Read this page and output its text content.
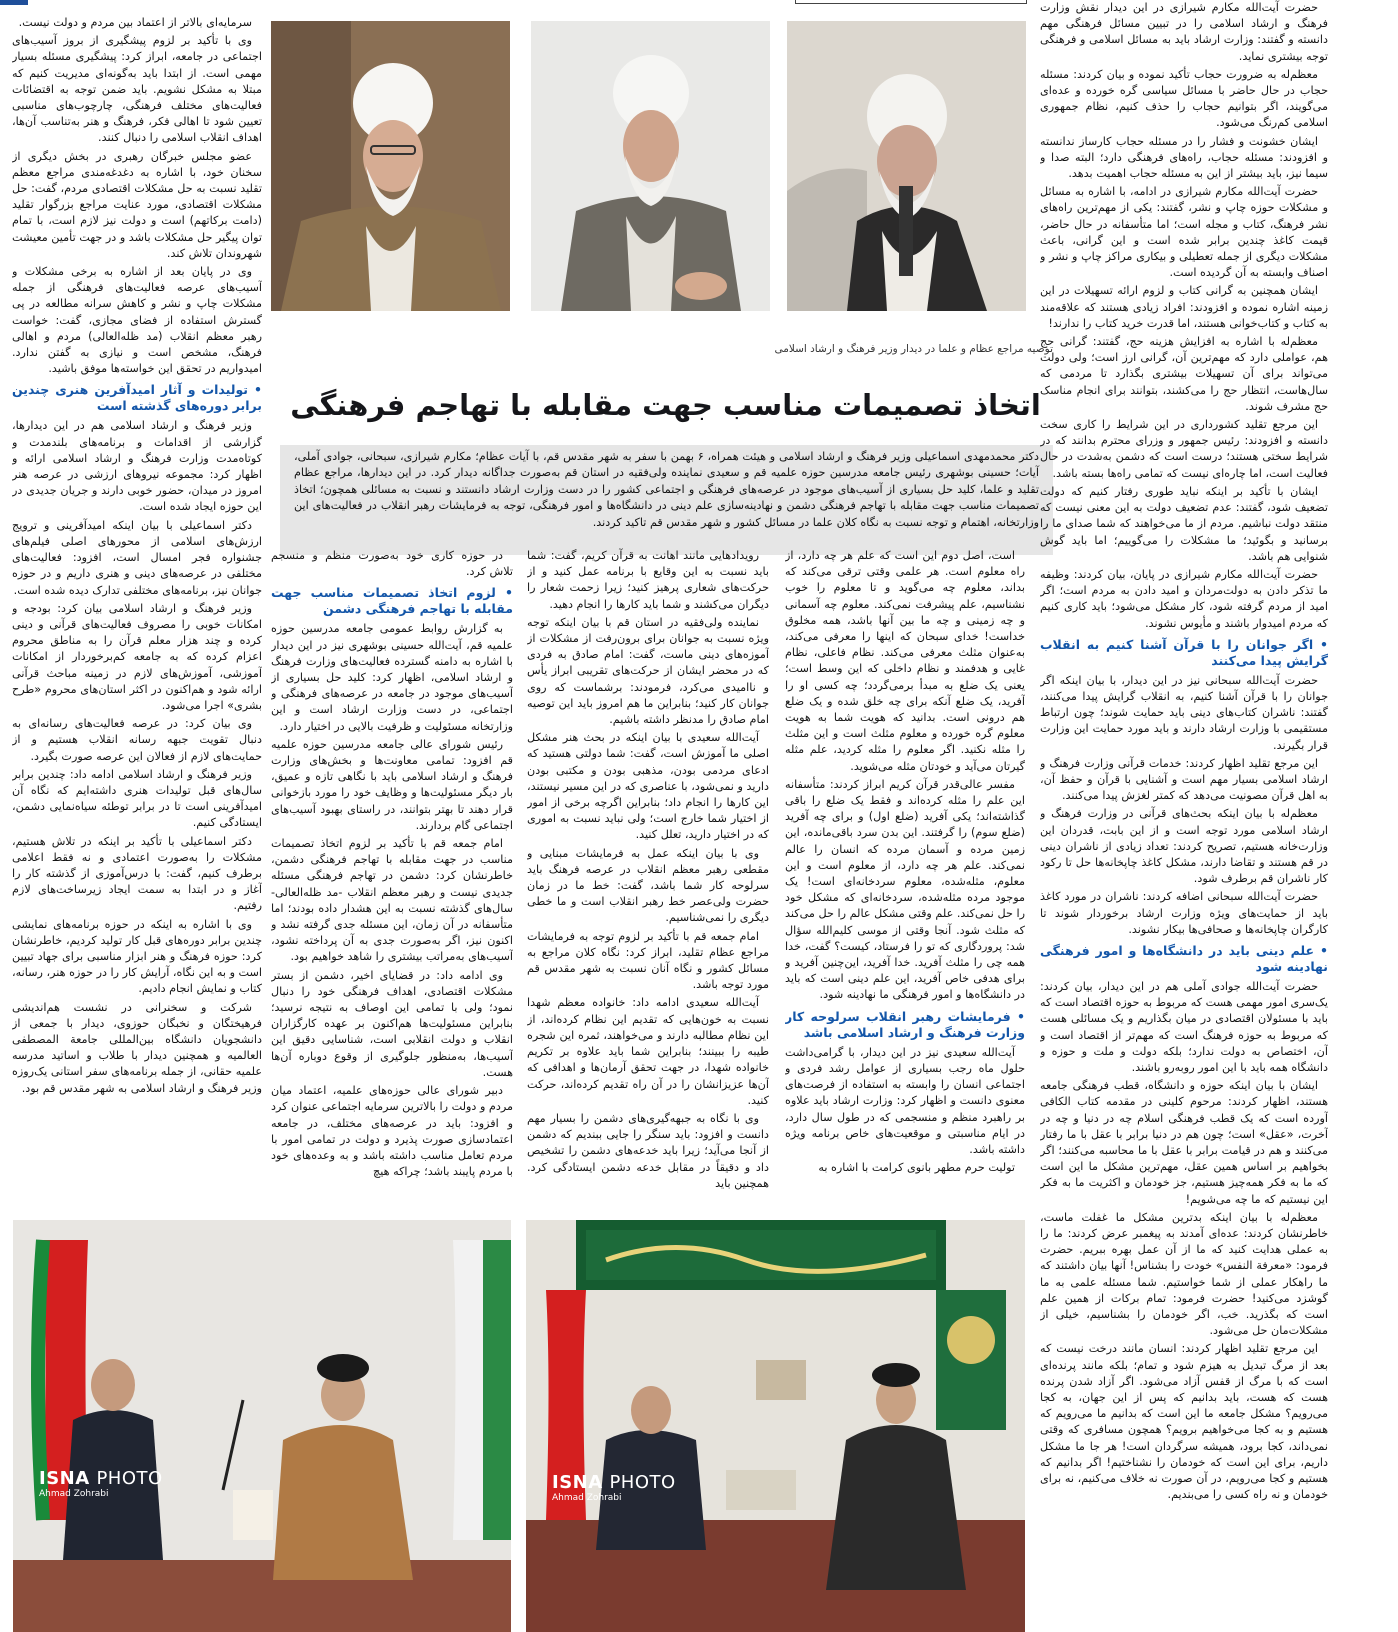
توصیه مراجع عظام و علما در دیدار وزیر فرهنگ و ارشاد اسلامی
اتخاذ تصمیمات مناسب جهت مقابله با تهاجم فرهنگی
دکتر محمدمهدی اسماعیلی وزیر فرهنگ و ارشاد اسلامی و هیئت همراه، ۶ بهمن با سفر به شهر مقدس قم، با آیات عظام؛ مکارم شیرازی، سبحانی، جوادی آملی، آیات؛ حسینی بوشهری رئیس جامعه مدرسین حوزه علمیه قم و سعیدی نماینده ولی‌فقیه در استان قم به‌صورت جداگانه دیدار کرد. در این دیدارها، مراجع عظام تقلید و علما، کلید حل بسیاری از آسیب‌های موجود در عرصه‌های فرهنگی و اجتماعی کشور را در دست وزارت ارشاد دانستند و نسبت به مسائلی همچون؛ اتخاذ تصمیمات مناسب جهت مقابله با تهاجم فرهنگی دشمن و نهادینه‌سازی علم دینی در دانشگاه‌ها و امور فرهنگی، توجه به فرمایشات رهبر انقلاب در فعالیت‌های این وزارتخانه، اهتمام و توجه نسبت به نگاه کلان علما در مسائل کشور و شهر مقدس قم تاکید کردند.

حضرت آیت‌الله مکارم شیرازی در این دیدار نقش وزارت فرهنگ و ارشاد اسلامی را در تبیین مسائل فرهنگی مهم دانسته و گفتند: وزارت ارشاد باید به مسائل اسلامی و فرهنگی توجه بیشتری نماید.

معظم‌له به ضرورت حجاب تأکید نموده و بیان کردند: مسئله حجاب در حال حاضر با مسائل سیاسی گره خورده و عده‌ای می‌گویند، اگر بتوانیم حجاب را حذف کنیم، نظام جمهوری اسلامی کم‌رنگ می‌شود.

ایشان خشونت و فشار را در مسئله حجاب کارساز ندانسته و افزودند: مسئله حجاب، راه‌های فرهنگی دارد؛ البته صدا و سیما نیز، باید بیشتر از این به مسئله حجاب اهمیت بدهد.

حضرت آیت‌الله مکارم شیرازی در ادامه، با اشاره به مسائل و مشکلات حوزه چاپ و نشر، گفتند: یکی از مهم‌ترین راه‌های نشر فرهنگ، کتاب و مجله است؛ اما متأسفانه در حال حاضر، قیمت کاغذ چندین برابر شده است و این گرانی، باعث مشکلات دیگری از جمله تعطیلی و بیکاری مراکز چاپ و نشر و اصناف وابسته به آن گردیده است.

ایشان همچنین به گرانی کتاب و لزوم ارائه تسهیلات در این زمینه اشاره نموده و افزودند: افراد زیادی هستند که علاقه‌مند به کتاب و کتاب‌خوانی هستند، اما قدرت خرید کتاب را ندارند!

معظم‌له با اشاره به افزایش هزینه حج، گفتند: گرانی حج هم، عواملی دارد که مهم‌ترین آن، گرانی ارز است؛ ولی دولت می‌تواند برای آن تسهیلات بیشتری بگذارد تا مردمی که سال‌هاست، انتظار حج را می‌کشند، بتوانند برای انجام مناسک حج مشرف شوند.

این مرجع تقلید کشورداری در این شرایط را کاری سخت دانسته و افزودند: رئیس جمهور و وزرای محترم بدانند که در شرایط سختی هستند؛ درست است که دشمن به‌شدت در حال فعالیت است، اما چاره‌ای نیست که تمامی راه‌ها بسته باشد.

ایشان با تأکید بر اینکه نباید طوری رفتار کنیم که دولت تضعیف شود، گفتند: عدم تضعیف دولت به این معنی نیست که منتقد دولت نباشیم. مردم از ما می‌خواهند که شما صدای ما را برسانید و بگوئید؛ ما مشکلات را می‌گوییم؛ اما باید گوش شنوایی هم باشد.

حضرت آیت‌الله مکارم شیرازی در پایان، بیان کردند: وظیفه ما تذکر دادن به دولت‌مردان و امید دادن به مردم است؛ اگر امید از مردم گرفته شود، کار مشکل می‌شود؛ باید کاری کنیم که مردم امیدوار باشند و مأیوس نشوند.

• اگر جوانان را با قرآن آشنا کنیم به انقلاب گرایش پیدا می‌کنند

حضرت آیت‌الله سبحانی نیز در این دیدار، با بیان اینکه اگر جوانان را با قرآن آشنا کنیم، به انقلاب گرایش پیدا می‌کنند، گفتند: ناشران کتاب‌های دینی باید حمایت شوند؛ چون ارتباط مستقیمی با وزارت ارشاد دارند و باید مورد حمایت این وزارت قرار بگیرند.

این مرجع تقلید اظهار کردند: خدمات قرآنی وزارت فرهنگ و ارشاد اسلامی بسیار مهم است و آشنایی با قرآن و حفظ آن، به اهل قرآن مصونیت می‌دهد که کمتر لغزش پیدا می‌کنند.

معظم‌له با بیان اینکه بحث‌های قرآنی در وزارت فرهنگ و ارشاد اسلامی مورد توجه است و از این بابت، قدردان این وزارت‌خانه هستیم، تصریح کردند: تعداد زیادی از ناشران دینی در قم هستند و تقاضا دارند، مشکل کاغذ چاپخانه‌ها حل تا رکود کار ناشران قم برطرف شود.

حضرت آیت‌الله سبحانی اضافه کردند: ناشران در مورد کاغذ باید از حمایت‌های ویژه وزارت ارشاد برخوردار شوند تا کارگران چاپخانه‌ها و صحافی‌ها بیکار نشوند.

• علم دینی باید در دانشگاه‌ها و امور فرهنگی نهادینه شود

حضرت آیت‌الله جوادی آملی هم در این دیدار، بیان کردند: یک‌سری امور مهمی هست که مربوط به حوزه اقتصاد است که باید با مسئولان اقتصادی در میان بگذاریم و یک مسائلی هست که مربوط به حوزه فرهنگ است که مهم‌تر از اقتصاد است و آن، اختصاص به دولت ندارد؛ بلکه دولت و ملت و حوزه و دانشگاه همه باید با این امور روبه‌رو باشند.

ایشان با بیان اینکه حوزه و دانشگاه، قطب فرهنگی جامعه هستند، اظهار کردند: مرحوم کلینی در مقدمه کتاب الکافی آورده است که یک قطب فرهنگی اسلام چه در دنیا و چه در آخرت، «عقل» است؛ چون هم در دنیا برابر با عقل با ما رفتار می‌کنند و هم در قیامت برابر با عقل با ما محاسبه می‌کنند؛ اگر بخواهیم بر اساس همین عقل، مهم‌ترین مشکل ما این است که ما به فکر همه‌چیز هستیم، جز خودمان و اکثریت ما به فکر این نیستیم که ما چه می‌شویم!

معظم‌له با بیان اینکه بدترین مشکل ما غفلت ماست، خاطرنشان کردند: عده‌ای آمدند به پیغمبر عرض کردند: ما را به عملی هدایت کنید که ما از آن عمل بهره ببریم. حضرت فرمود: «معرفة النفس» خودت را بشناس! آنها بیان داشتند که ما راهکار عملی از شما خواستیم. شما مسئله علمی به ما گوشزد می‌کنید! حضرت فرمود: تمام برکات از همین علم است که بگذرید. خب، اگر خودمان را بشناسیم، خیلی از مشکلات‌مان حل می‌شود.

این مرجع تقلید اظهار کردند: انسان مانند درخت نیست که بعد از مرگ تبدیل به هیزم شود و تمام؛ بلکه مانند پرنده‌ای است که با مرگ از قفس آزاد می‌شود. اگر آزاد شدن پرنده هست که هست، باید بدانیم که پس از این جهان، به کجا می‌رویم؟ مشکل جامعه ما این است که بدانیم ما می‌رویم که هستیم و به کجا می‌خواهیم برویم؟ همچون مسافری که وقتی نمی‌داند، کجا برود، همیشه سرگردان است! هر جا ما مشکل داریم، برای این است که خودمان را نشناختیم! اگر بدانیم که هستیم و کجا می‌رویم، در آن صورت نه خلاف می‌کنیم، نه برای خودمان و نه راه کسی را می‌بندیم.

است، اصل دوم این است که علم هر چه دارد، از راه معلوم است. هر علمی وقتی ترقی می‌کند که بداند، معلوم چه می‌گوید و تا معلوم را خوب نشناسیم، علم پیشرفت نمی‌کند. معلوم چه آسمانی و چه زمینی و چه ما بین آنها باشد، همه مخلوق خداست! خدای سبحان که اینها را معرفی می‌کند، به‌عنوان مثلث معرفی می‌کند. نظام فاعلی، نظام غایی و هدفمند و نظام داخلی که این وسط است؛ یعنی یک ضلع به مبدأ برمی‌گردد؛ چه کسی او را آفرید، یک ضلع آنکه برای چه خلق شده و یک ضلع هم درونی است. بدانید که هویت شما به هویت معلوم گره خورده و معلوم مثلث است و این مثلث را مثله نکنید. اگر معلوم را مثله کردید، علم مثله گیرتان می‌آید و خودتان مثله می‌شوید.

مفسر عالی‌قدر قرآن کریم ابراز کردند: متأسفانه این علم را مثله کرده‌اند و فقط یک ضلع را باقی گذاشته‌اند؛ یکی آفرید (ضلع اول) و برای چه آفرید (ضلع سوم) را گرفتند. این بدن سرد باقی‌مانده، این زمین مرده و آسمان مرده که انسان را عالم نمی‌کند. علم هر چه دارد، از معلوم است و این معلوم، مثله‌شده، معلوم سردخانه‌ای است! یک موجود مرده مثله‌شده، سردخانه‌ای که مشکل خود را حل نمی‌کند. علم وقتی مشکل عالم را حل می‌کند که مثلث شود. آنجا وقتی از موسی کلیم‌الله سؤال شد: پروردگاری که تو را فرستاد، کیست؟ گفت، خدا همه چی را مثلث آفرید. خدا آفرید، این‌چنین آفرید و برای هدفی خاص آفرید، این علم دینی است که باید در دانشگاه‌ها و امور فرهنگی ما نهادینه شود.

• فرمایشات رهبر انقلاب سرلوحه کار وزارت فرهنگ و ارشاد اسلامی باشد

آیت‌الله سعیدی نیز در این دیدار، با گرامی‌داشت حلول ماه رجب بسیاری از عوامل رشد فردی و اجتماعی انسان را وابسته به استفاده از فرصت‌های معنوی دانست و اظهار کرد: وزارت ارشاد باید علاوه بر راهبرد منظم و منسجمی که در طول سال دارد، در ایام مناسبتی و موقعیت‌های خاص برنامه ویژه داشته باشد.

تولیت حرم مطهر بانوی کرامت با اشاره به

رویدادهایی مانند اهانت به قرآن کریم، گفت: شما باید نسبت به این وقایع با برنامه عمل کنید و از حرکت‌های شعاری پرهیز کنید؛ زیرا زحمت شعار را دیگران می‌کشند و شما باید کارها را انجام دهید.

نماینده ولی‌فقیه در استان قم با بیان اینکه توجه ویژه نسبت به جوانان برای برون‌رفت از مشکلات از آموزه‌های دینی ماست، گفت: امام صادق به فردی که در محضر ایشان از حرکت‌های تقریبی ابراز یأس و ناامیدی می‌کرد، فرمودند: برشماست که روی جوانان کار کنید؛ بنابراین ما هم امروز باید این توصیه امام صادق را مدنظر داشته باشیم.

آیت‌الله سعیدی با بیان اینکه در بحث هنر مشکل اصلی ما آموزش است، گفت: شما دولتی هستید که ادعای مردمی بودن، مذهبی بودن و مکتبی بودن دارید و نمی‌شود، با عناصری که در این مسیر نیستند، این کارها را انجام داد؛ بنابراین اگرچه برخی از امور از اختیار شما خارج است؛ ولی نباید نسبت به اموری که در اختیار دارید، تعلل کنید.

وی با بیان اینکه عمل به فرمایشات مبنایی و مقطعی رهبر معظم انقلاب در عرصه فرهنگ باید سرلوحه کار شما باشد، گفت: خط ما در زمان حضرت ولی‌عصر خط رهبر انقلاب است و ما خطی دیگری را نمی‌شناسیم.

امام جمعه قم با تأکید بر لزوم توجه به فرمایشات مراجع عظام تقلید، ابراز کرد: نگاه کلان مراجع به مسائل کشور و نگاه آنان نسبت به شهر مقدس قم مورد توجه باشد.

آیت‌الله سعیدی ادامه داد: خانواده معظم شهدا نسبت به خون‌هایی که تقدیم این نظام کرده‌اند، از این نظام مطالبه دارند و می‌خواهند، ثمره این شجره طیبه را ببینند؛ بنابراین شما باید علاوه بر تکریم خانواده شهدا، در جهت تحقق آرمان‌ها و اهدافی که آن‌ها عزیزانشان را در آن راه تقدیم کرده‌اند، حرکت کنید.

وی با نگاه به جبهه‌گیری‌های دشمن را بسیار مهم دانست و افزود: باید سنگر را جایی ببندیم که دشمن از آنجا می‌آید؛ زیرا باید خدعه‌های دشمن را تشخیص داد و دقیقاً در مقابل خدعه دشمن ایستادگی کرد. همچنین باید

در حوزه کاری خود به‌صورت منظم و منسجم تلاش کرد.

• لزوم اتخاذ تصمیمات مناسب جهت مقابله با تهاجم فرهنگی دشمن

به گزارش روابط عمومی جامعه مدرسین حوزه علمیه قم، آیت‌الله حسینی بوشهری نیز در این دیدار با اشاره به دامنه گسترده فعالیت‌های وزارت فرهنگ و ارشاد اسلامی، اظهار کرد: کلید حل بسیاری از آسیب‌های موجود در جامعه در عرصه‌های فرهنگی و اجتماعی، در دست وزارت ارشاد است و این وزارتخانه مسئولیت و ظرفیت بالایی در اختیار دارد.

رئیس شورای عالی جامعه مدرسین حوزه علمیه قم افزود: تمامی معاونت‌ها و بخش‌های وزارت فرهنگ و ارشاد اسلامی باید با نگاهی تازه و عمیق، بار دیگر مسئولیت‌ها و وظایف خود را مورد بازخوانی قرار دهند تا بهتر بتوانند، در راستای بهبود آسیب‌های اجتماعی گام بردارند.

امام جمعه قم با تأکید بر لزوم اتخاذ تصمیمات مناسب در جهت مقابله با تهاجم فرهنگی دشمن، خاطرنشان کرد: دشمن در تهاجم فرهنگی مسئله جدیدی نیست و رهبر معظم انقلاب -مد ظله‌العالی- سال‌های گذشته نسبت به این هشدار داده بودند؛ اما متأسفانه در آن زمان، این مسئله جدی گرفته نشد و اکنون نیز، اگر به‌صورت جدی به آن پرداخته نشود، آسیب‌های به‌مراتب بیشتری را شاهد خواهیم بود.

وی ادامه داد: در قضایای اخیر، دشمن از بستر مشکلات اقتصادی، اهداف فرهنگی خود را دنبال نمود؛ ولی با تمامی این اوصاف به نتیجه نرسید؛ بنابراین مسئولیت‌ها هم‌اکنون بر عهده کارگزاران انقلاب و دولت انقلابی است، شناسایی دقیق این آسیب‌ها، به‌منظور جلوگیری از وقوع دوباره آن‌ها هست.

دبیر شورای عالی حوزه‌های علمیه، اعتماد میان مردم و دولت را بالاترین سرمایه اجتماعی عنوان کرد و افزود: باید در عرصه‌های مختلف، در جامعه اعتمادسازی صورت پذیرد و دولت در تمامی امور با مردم تعامل مناسب داشته باشد و به وعده‌های خود با مردم پایبند باشد؛ چراکه هیچ

سرمایه‌ای بالاتر از اعتماد بین مردم و دولت نیست.

وی با تأکید بر لزوم پیشگیری از بروز آسیب‌های اجتماعی در جامعه، ابراز کرد: پیشگیری مسئله بسیار مهمی است. از ابتدا باید به‌گونه‌ای مدیریت کنیم که مبتلا به مشکل نشویم. باید ضمن توجه به اقتضائات فعالیت‌های مختلف فرهنگی، چارچوب‌های مناسبی تعیین شود تا اهالی فکر، فرهنگ و هنر به‌تناسب آن‌ها، اهداف انقلاب اسلامی را دنبال کنند.

عضو مجلس خبرگان رهبری در بخش دیگری از سخنان خود، با اشاره به دغدغه‌مندی مراجع معظم تقلید نسبت به حل مشکلات اقتصادی مردم، گفت: حل مشکلات اقتصادی، مورد عنایت مراجع بزرگوار تقلید (دامت برکاتهم) است و دولت نیز لازم است، با تمام توان پیگیر حل مشکلات باشد و در جهت تأمین معیشت شهروندان تلاش کند.

وی در پایان بعد از اشاره به برخی مشکلات و آسیب‌های عرصه فعالیت‌های فرهنگی از جمله مشکلات چاپ و نشر و کاهش سرانه مطالعه در پی گسترش استفاده از فضای مجازی، گفت: خواست رهبر معظم انقلاب (مد ظله‌العالی) مردم و اهالی فرهنگ، مشخص است و نیازی به گفتن ندارد. امیدواریم در تحقق این خواسته‌ها موفق باشید.

• تولیدات و آثار امیدآفرین هنری چندین برابر دوره‌های گذشته است

وزیر فرهنگ و ارشاد اسلامی هم در این دیدارها، گزارشی از اقدامات و برنامه‌های بلندمدت و کوتاه‌مدت وزارت فرهنگ و ارشاد اسلامی ارائه و اظهار کرد: مجموعه نیروهای ارزشی در عرصه هنر امروز در میدان، حضور خوبی دارند و جریان جدیدی در این حوزه ایجاد شده است.

دکتر اسماعیلی با بیان اینکه امیدآفرینی و ترویج ارزش‌های اسلامی از محورهای اصلی فیلم‌های جشنواره فجر امسال است، افزود: فعالیت‌های مختلفی در عرصه‌های دینی و هنری داریم و در حوزه جوانان نیز، برنامه‌های مختلفی تدارک دیده شده است.

وزیر فرهنگ و ارشاد اسلامی بیان کرد: بودجه و امکانات خوبی را مصروف فعالیت‌های قرآنی و دینی کرده و چند هزار معلم قرآن را به مناطق محروم اعزام کرده که به جامعه کم‌برخوردار از امکانات آموزشی، آموزش‌های لازم در زمینه مباحث قرآنی ارائه شود و هم‌اکنون در اکثر استان‌های محروم «طرح بشری» اجرا می‌شود.

وی بیان کرد: در عرصه فعالیت‌های رسانه‌ای به دنبال تقویت جبهه رسانه انقلاب هستیم و از حمایت‌های لازم از فعالان این عرصه صورت بگیرد.

وزیر فرهنگ و ارشاد اسلامی ادامه داد: چندین برابر سال‌های قبل تولیدات هنری داشته‌ایم که نگاه آن امیدآفرینی است تا در برابر توطئه سیاه‌نمایی دشمن، ایستادگی کنیم.

دکتر اسماعیلی با تأکید بر اینکه در تلاش هستیم، مشکلات را به‌صورت اعتمادی و نه فقط اعلامی برطرف کنیم، گفت: با درس‌آموزی از گذشته کار را آغاز و در ابتدا به سمت ایجاد زیرساخت‌های لازم رفتیم.

وی با اشاره به اینکه در حوزه برنامه‌های نمایشی چندین برابر دوره‌های قبل کار تولید کردیم، خاطرنشان کرد: حوزه فرهنگ و هنر ابزار مناسبی برای جهاد تبیین است و به این نگاه، آرایش کار را در حوزه هنر، رسانه، کتاب و نمایش انجام دادیم.

شرکت و سخنرانی در نشست هم‌اندیشی فرهیختگان و نخبگان حوزوی، دیدار با جمعی از دانشجویان دانشگاه بین‌المللی جامعة المصطفی العالمیه و همچنین دیدار با طلاب و اساتید مدرسه علمیه حقانی، از جمله برنامه‌های سفر استانی یک‌روزه وزیر فرهنگ و ارشاد اسلامی به شهر مقدس قم بود.

ISNA PHOTO
Ahmad Zohrabi
ISNA PHOTO
Ahmad Zohrabi
